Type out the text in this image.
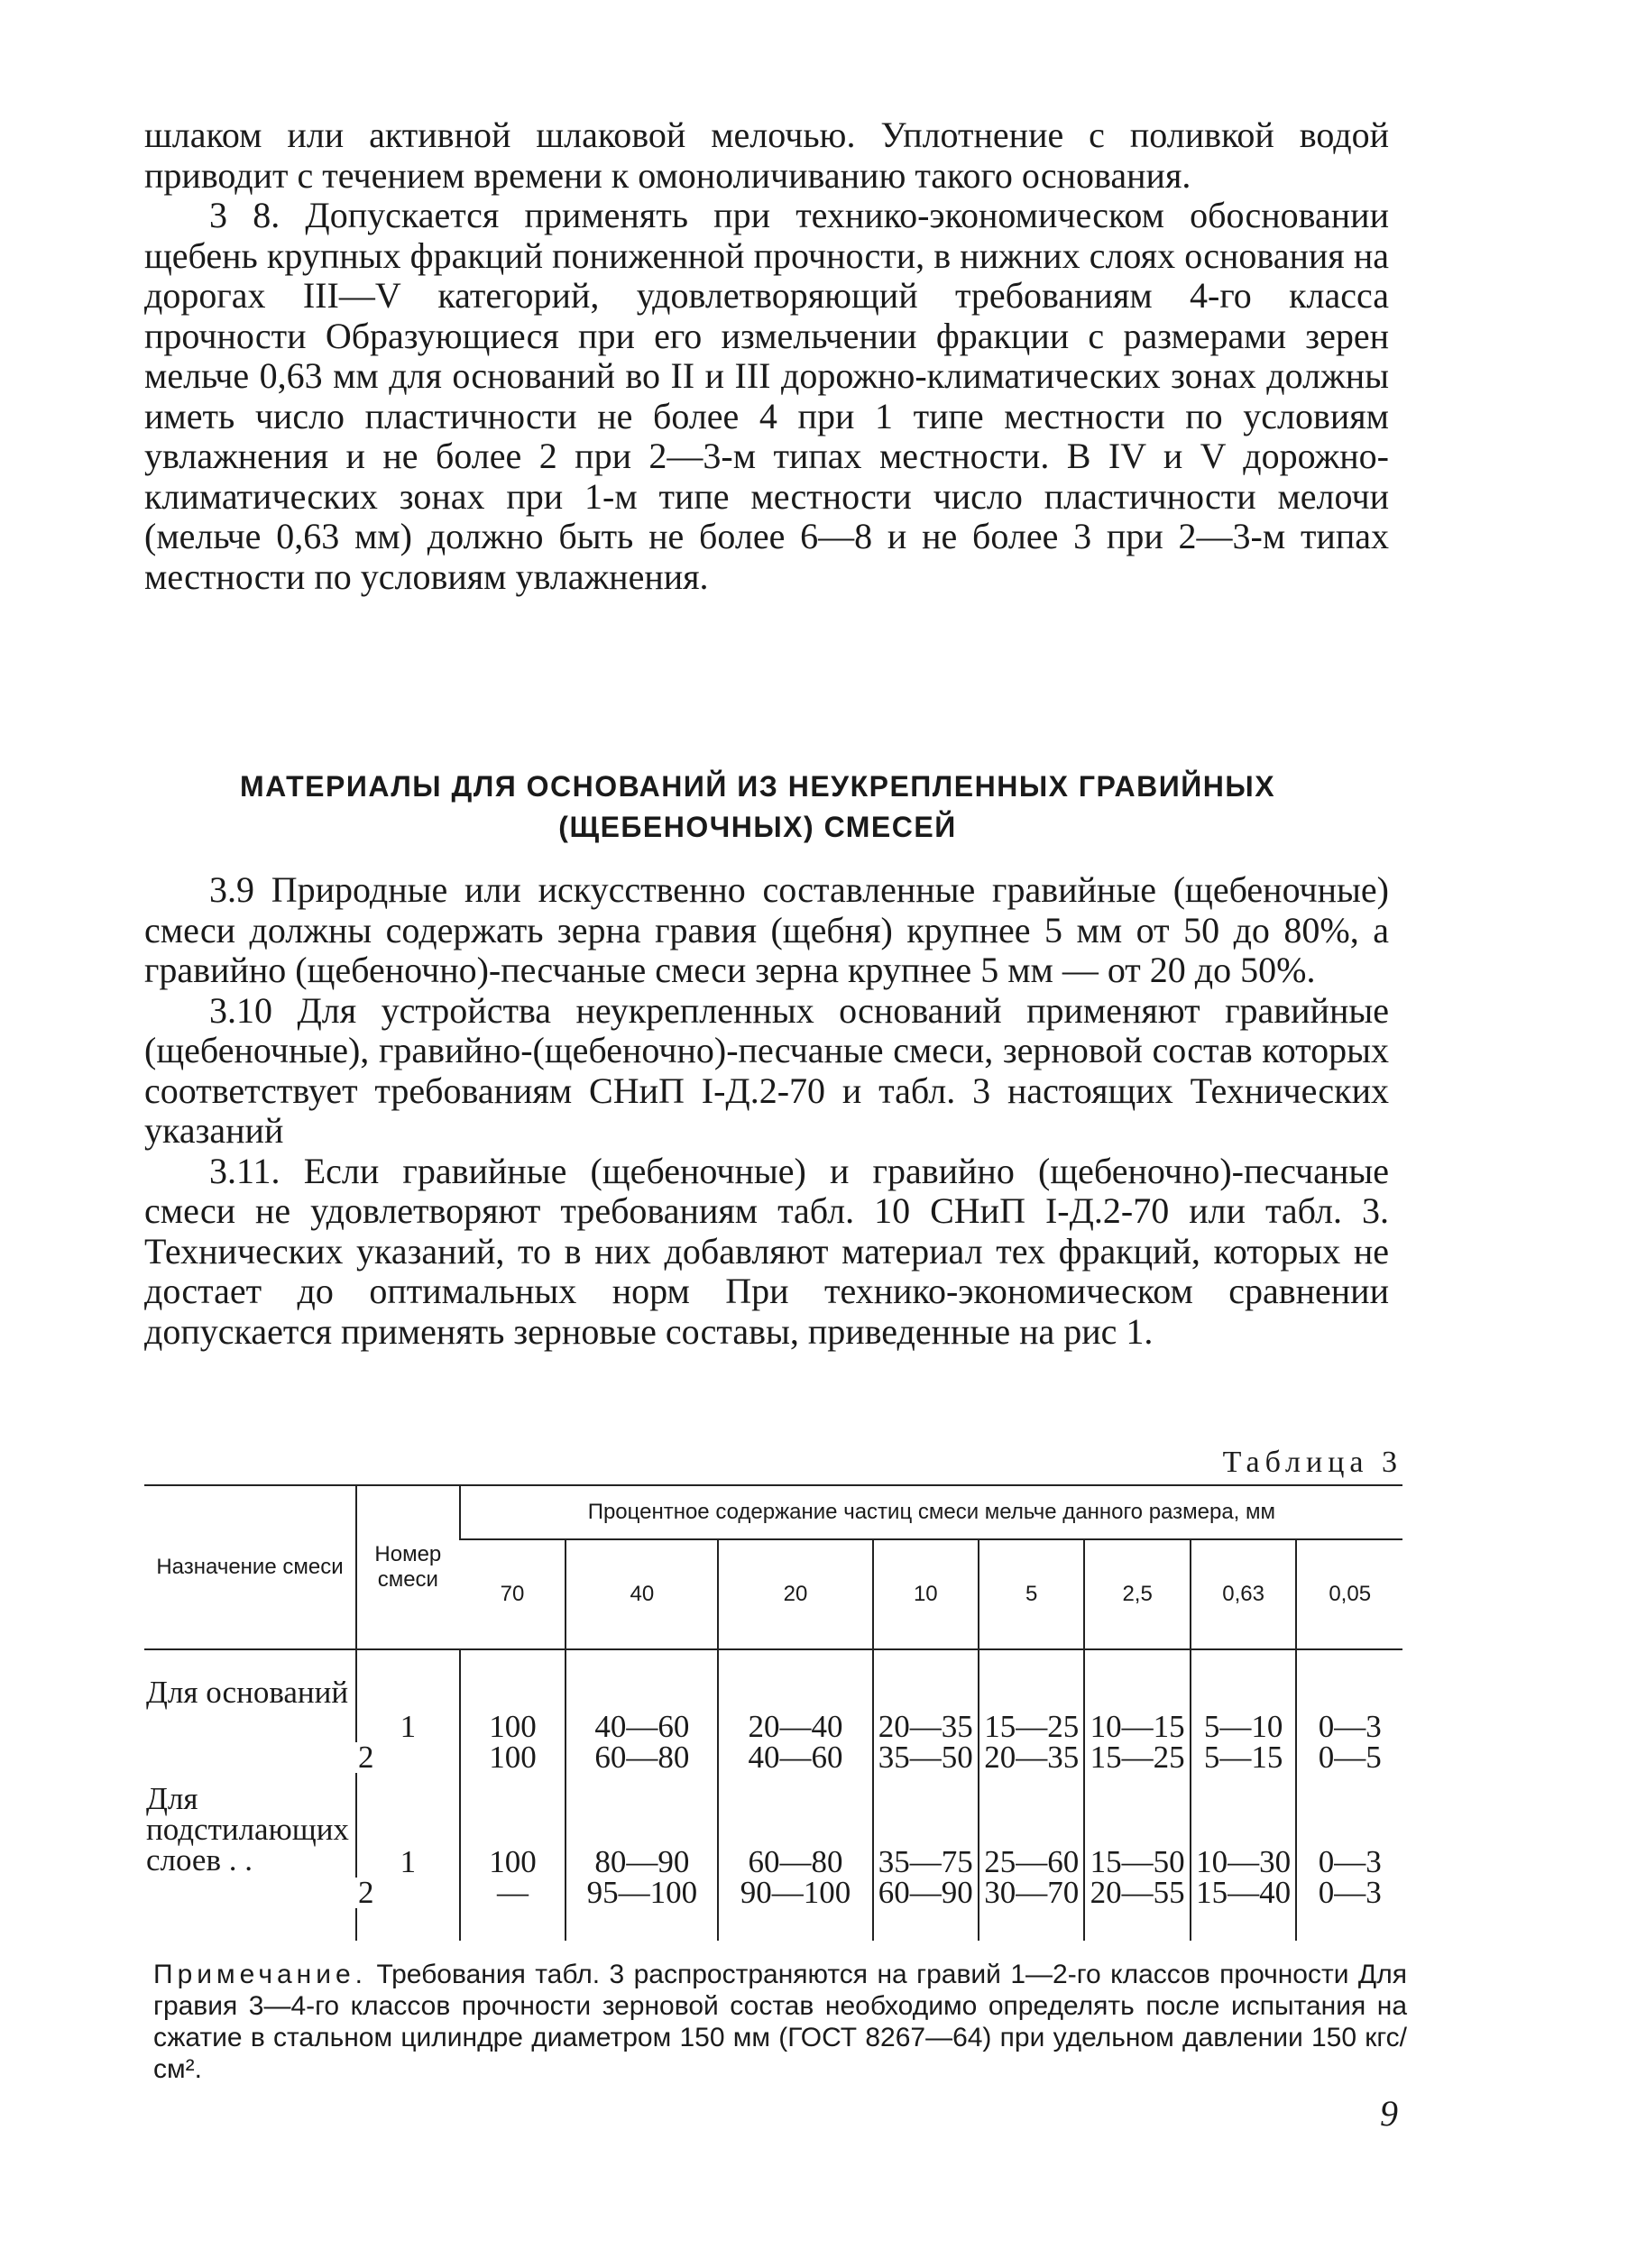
шлаком или активной шлаковой мелочью. Уплотнение с поливкой водой приводит с течением времени к омоноличиванию такого основания.

3 8. Допускается применять при технико-экономическом обосновании щебень крупных фракций пониженной прочности, в нижних слоях основания на дорогах III—V категорий, удовлетворяющий требованиям 4-го класса прочности Образующиеся при его измельчении фракции с размерами зерен мельче 0,63 мм для оснований во II и III дорожно-климатических зонах должны иметь число пластичности не более 4 при 1 типе местности по условиям увлажнения и не более 2 при 2—3-м типах местности. В IV и V дорожно-климатических зонах при 1-м типе местности число пластичности мелочи (мельче 0,63 мм) должно быть не более 6—8 и не более 3 при 2—3-м типах местности по условиям увлажнения.

МАТЕРИАЛЫ ДЛЯ ОСНОВАНИЙ ИЗ НЕУКРЕПЛЕННЫХ ГРАВИЙНЫХ
(ЩЕБЕНОЧНЫХ) СМЕСЕЙ

3.9 Природные или искусственно составленные гравийные (щебеночные) смеси должны содержать зерна гравия (щебня) крупнее 5 мм от 50 до 80%, а гравийно (щебеночно)-песчаные смеси зерна крупнее 5 мм — от 20 до 50%.

3.10 Для устройства неукрепленных оснований применяют гравийные (щебеночные), гравийно-(щебеночно)-песчаные смеси, зерновой состав которых соответствует требованиям СНиП I-Д.2-70 и табл. 3 настоящих Технических указаний

3.11. Если гравийные (щебеночные) и гравийно (щебеночно)-песчаные смеси не удовлетворяют требованиям табл. 10 СНиП I-Д.2-70 или табл. 3. Технических указаний, то в них добавляют материал тех фракций, которых не достает до оптимальных норм При технико-экономическом сравнении допускается применять зерновые составы, приведенные на рис 1.

Таблица 3
Назначение смеси	Номер смеси	Процентное содержание частиц смеси мельче данного размера, мм							
		70	40	20	10	5	2,5	0,63	0,05

Для оснований	1	100	40—60	20—40	20—35	15—25	10—15	5—10	0—3
	2	100	60—80	40—60	35—50	20—35	15—25	5—15	0—5
Для подстилающих слоев . .	1	100	80—90	60—80	35—75	25—60	15—50	10—30	0—3
	2	—	95—100	90—100	60—90	30—70	20—55	15—40	0—3

Примечание. Требования табл. 3 распространяются на гравий 1—2-го классов прочности Для гравия 3—4-го классов прочности зерновой состав необходимо определять после испытания на сжатие в стальном цилиндре диаметром 150 мм (ГОСТ 8267—64) при удельном давлении 150 кгс/см².
9
